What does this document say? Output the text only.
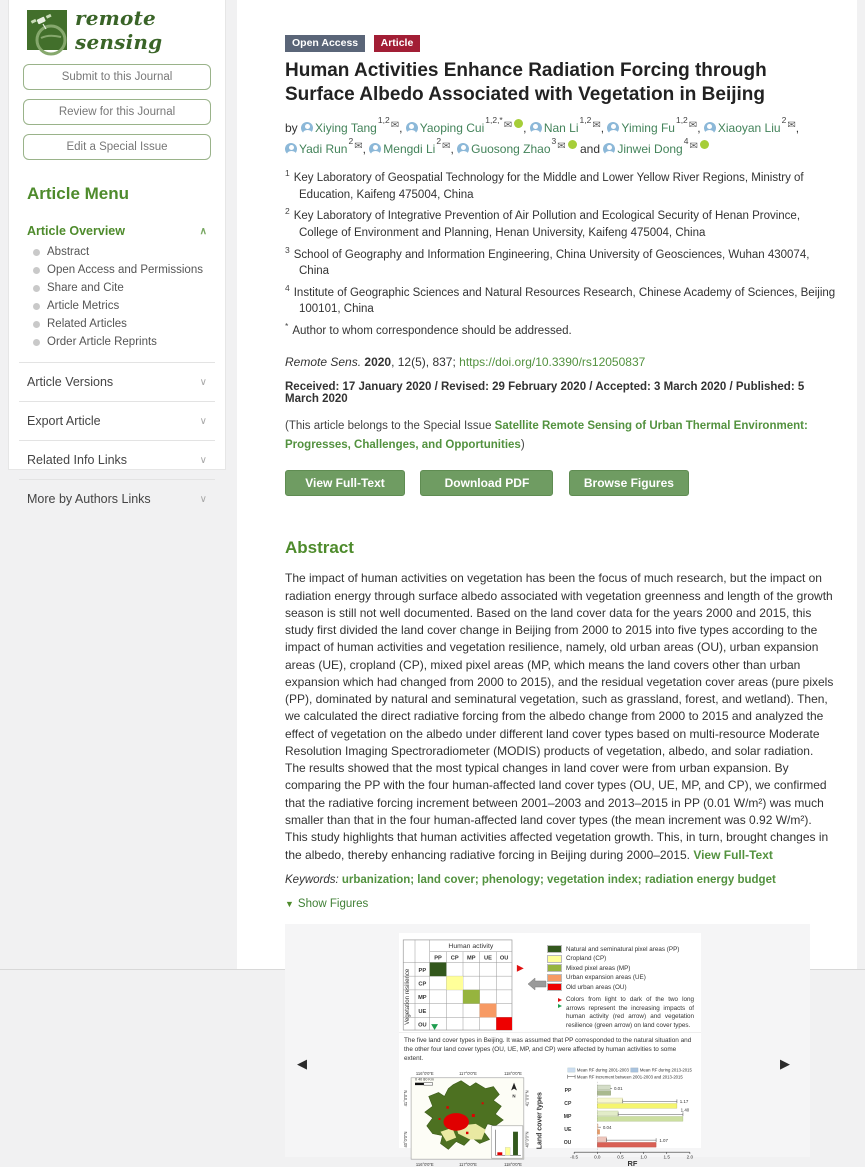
remote sensing
Submit to this Journal
Review for this Journal
Edit a Special Issue
Article Menu
Article Overview	∧
Abstract
Open Access and Permissions
Share and Cite
Article Metrics
Related Articles
Order Article Reprints
Article Versions	∨
Export Article	∨
Related Info Links	∨
More by Authors Links	∨
Open Access Article
Human Activities Enhance Radiation Forcing through Surface Albedo Associated with Vegetation in Beijing
by Xiying Tang$^{1,2✉}$ , Yaoping Cui$^{1,2,*✉}$ ,	Nan $Li^{1,2✉}$ , Yiming $Fu^{1,2✉}$ , Xiaoyan Liu$^{2✉}$ , Yadi Run$^{2✉}$ , Mengdi $Li^{2✉}$ , Guosong Zhao$^{3✉}$ and Jinwei Dong$^{4✉}$
$^1$ Key Laboratory of Geospatial Technology for the Middle and Lower Yellow River Regions, Ministry of Education, Kaifeng 475004, China
$^2$ Key Laboratory of Integrative Prevention of Air Pollution and Ecological Security of Henan Province, College of Environment and Planning, Henan University, Kaifeng 475004, China
$^3$ School of Geography and Information Engineering, China University of Geosciences, Wuhan 430074, China
$^4$ Institute of Geographic Sciences and Natural Resources Research, Chinese Academy of Sciences, Beijing 100101, China
* Author to whom correspondence should be addressed.
Remote Sens. 2020, 12(5), 837; https://doi.org/10.3390/rs12050837
Received: 17 January 2020 / Revised: 29 February 2020 / Accepted: 3 March 2020 / Published: 5 March 2020
(This article belongs to the Special Issue Satellite Remote Sensing of Urban Thermal Environment: Progresses, Challenges, and Opportunities)
View Full-Text	Download PDF	Browse Figures
Abstract
The impact of human activities on vegetation has been the focus of much research, but the impact on radiation energy through surface albedo associated with vegetation greenness and length of the growth season is still not well documented. Based on the land cover data for the years 2000 and 2015, this study first divided the land cover change in Beijing from 2000 to 2015 into five types according to the impact of human activities and vegetation resilience, namely, old urban areas (OU), urban expansion areas (UE), cropland (CP), mixed pixel areas (MP, which means the land covers other than urban expansion which had changed from 2000 to 2015), and the residual vegetation cover areas (pure pixels (PP), dominated by natural and seminatural vegetation, such as grassland, forest, and wetland). Then, we calculated the direct radiative forcing from the albedo change from 2000 to 2015 and analyzed the effect of vegetation on the albedo under different land cover types based on multi-resource Moderate Resolution Imaging Spectroradiometer (MODIS) products of vegetation, albedo, and solar radiation. The results showed that the most typical changes in land cover were from urban expansion. By comparing the PP with the four human-affected land cover types (OU, UE, MP, and CP), we confirmed that the radiative forcing increment between 2001–2003 and 2013–2015 in PP (0.01 W/m²) was much smaller than that in the four human-affected land cover types (the mean increment was 0.92 W/m²). This study highlights that human activities affected vegetation growth. This, in turn, brought changes in the albedo, thereby enhancing radiative forcing in Beijing during 2000–2015. View Full-Text
Keywords: urbanization ; land cover ; phenology ; vegetation index ; radiation energy budget
▼ Show Figures
◀	▶
Human activity
Vegetation resilience
PP CP MP UE OU
PP
CP
MP
UE
OU
Natural and seminatural pixel areas (PP)
Cropland (CP)
Mixed pixel areas (MP)
Urban expansion areas (UE)
Old urban areas (OU)
Colors from light to dark of the two long arrows represent the increasing impacts of human activity (red arrow) and vegetation resilience (green arrow) on land cover types.
The five land cover types in Beijing. It was assumed that PP corresponded to the natural situation and the other four land cover types (OU, UE, MP, and CP) were affected by human activities to some extent.
116°0′0″E	117°0′0″E	118°0′0″E
116°0′0″E	117°0′0″E	118°0′0″E
41°0′0″N
40°0′0″N
41°0′0″N
40°0′0″N
0 40 80 Km
N
Mean RF during 2001-2003 Mean RF during 2013-2015
Mean RF increment between 2001-2003 and 2013-2015
Land cover types
PP
CP
MP
UE
OU
0.01
1.17
1.40
0.04
1.07
-0.5	0.0	0.5	1.0	1.5	2.0
RF
